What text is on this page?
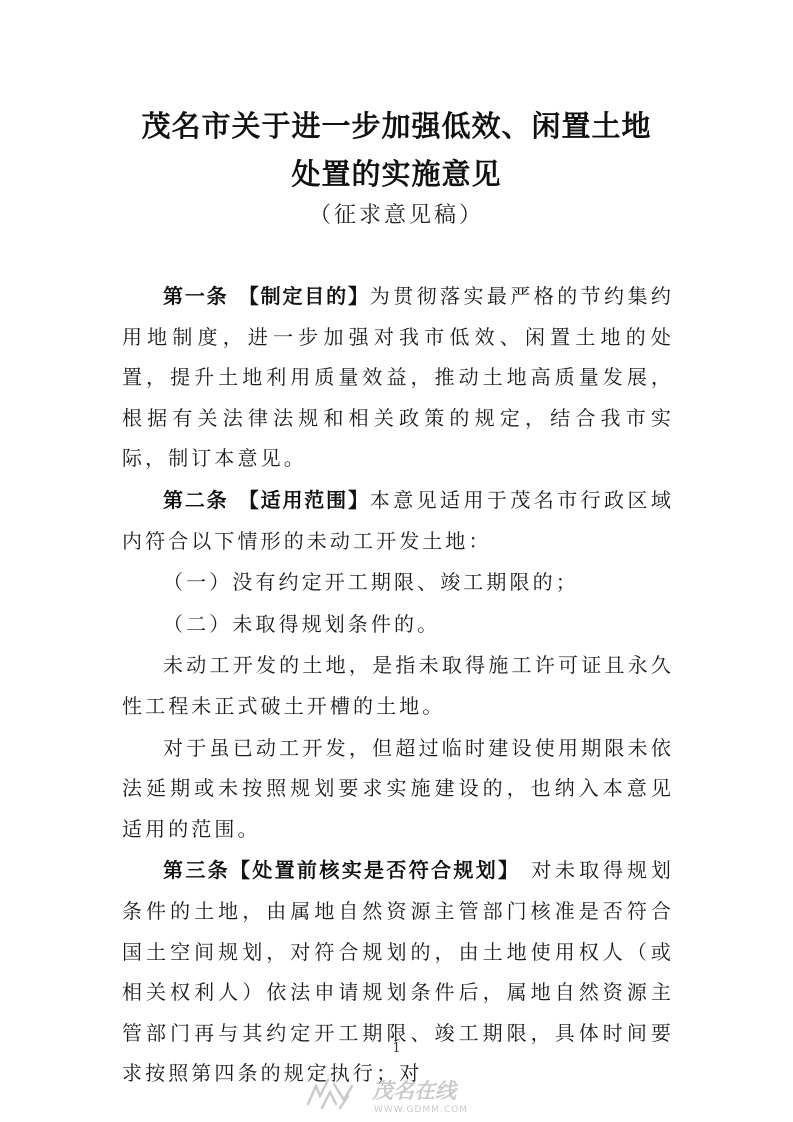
茂名市关于进一步加强低效、闲置土地
处置的实施意见
（征求意见稿）

第一条  【制定目的】为贯彻落实最严格的节约集约用地制度，进一步加强对我市低效、闲置土地的处置，提升土地利用质量效益，推动土地高质量发展，根据有关法律法规和相关政策的规定，结合我市实际，制订本意见。

第二条  【适用范围】本意见适用于茂名市行政区域内符合以下情形的未动工开发土地：

（一）没有约定开工期限、竣工期限的；

（二）未取得规划条件的。

未动工开发的土地，是指未取得施工许可证且永久性工程未正式破土开槽的土地。

对于虽已动工开发，但超过临时建设使用期限未依法延期或未按照规划要求实施建设的，也纳入本意见适用的范围。

第三条【处置前核实是否符合规划】  对未取得规划条件的土地，由属地自然资源主管部门核准是否符合国土空间规划，对符合规划的，由土地使用权人（或相关权利人）依法申请规划条件后，属地自然资源主管部门再与其约定开工期限、竣工期限，具体时间要求按照第四条的规定执行；对

1
茂名在线
WWW.GDMM.COM
